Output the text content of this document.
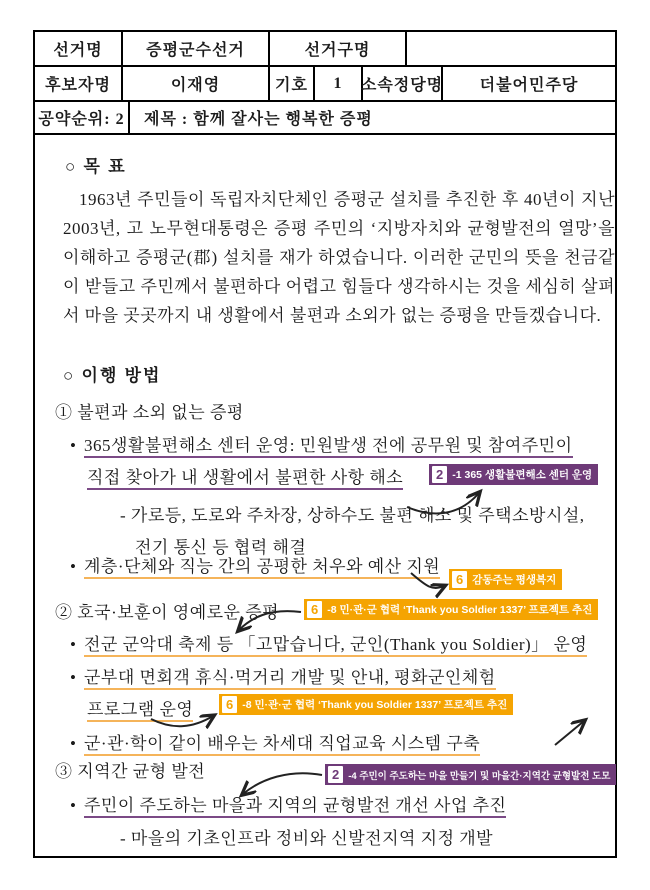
선거명	증평군수선거	선거구명
후보자명	이재영	기호	1	소속정당명	더불어민주당
공약순위: 2	제목 : 함께 잘사는 행복한 증평
○ 목 표
1963년 주민들이 독립자치단체인 증평군 설치를 추진한 후 40년이 지난 2003년, 고 노무현대통령은 증평 주민의 ‘지방자치와 균형발전의 열망’을 이해하고 증평군(郡) 설치를 재가 하였습니다. 이러한 군민의 뜻을 천금같이 받들고 주민께서 불편하다 어렵고 힘들다 생각하시는 것을 세심히 살펴서 마을 곳곳까지 내 생활에서 불편과 소외가 없는 증평을 만들겠습니다.
○ 이행 방법
① 불편과 소외 없는 증평
• 365생활불편해소 센터 운영: 민원발생 전에 공무원 및 참여주민이
직접 찾아가 내 생활에서 불편한 사항 해소
- 가로등, 도로와 주차장, 상하수도 불편 해소 및 주택소방시설,
전기 통신 등 협력 해결
• 계층·단체와 직능 간의 공평한 처우와 예산 지원
② 호국·보훈이 영예로운 증평
• 전군 군악대 축제 등 「고맙습니다, 군인(Thank you Soldier)」 운영
• 군부대 면회객 휴식·먹거리 개발 및 안내, 평화군인체험
프로그램 운영
• 군·관·학이 같이 배우는 차세대 직업교육 시스템 구축
③ 지역간 균형 발전
• 주민이 주도하는 마을과 지역의 균형발전 개선 사업 추진
- 마을의 기초인프라 정비와 신발전지역 지정 개발
2 -1 365 생활불편해소 센터 운영
6 감동주는 평생복지
6 -8 민·관·군 협력 ‘Thank you Soldier 1337’ 프로젝트 추진
6 -8 민·관·군 협력 ‘Thank you Soldier 1337’ 프로젝트 추진
2 -4 주민이 주도하는 마을 만들기 및 마을간·지역간 균형발전 도모
